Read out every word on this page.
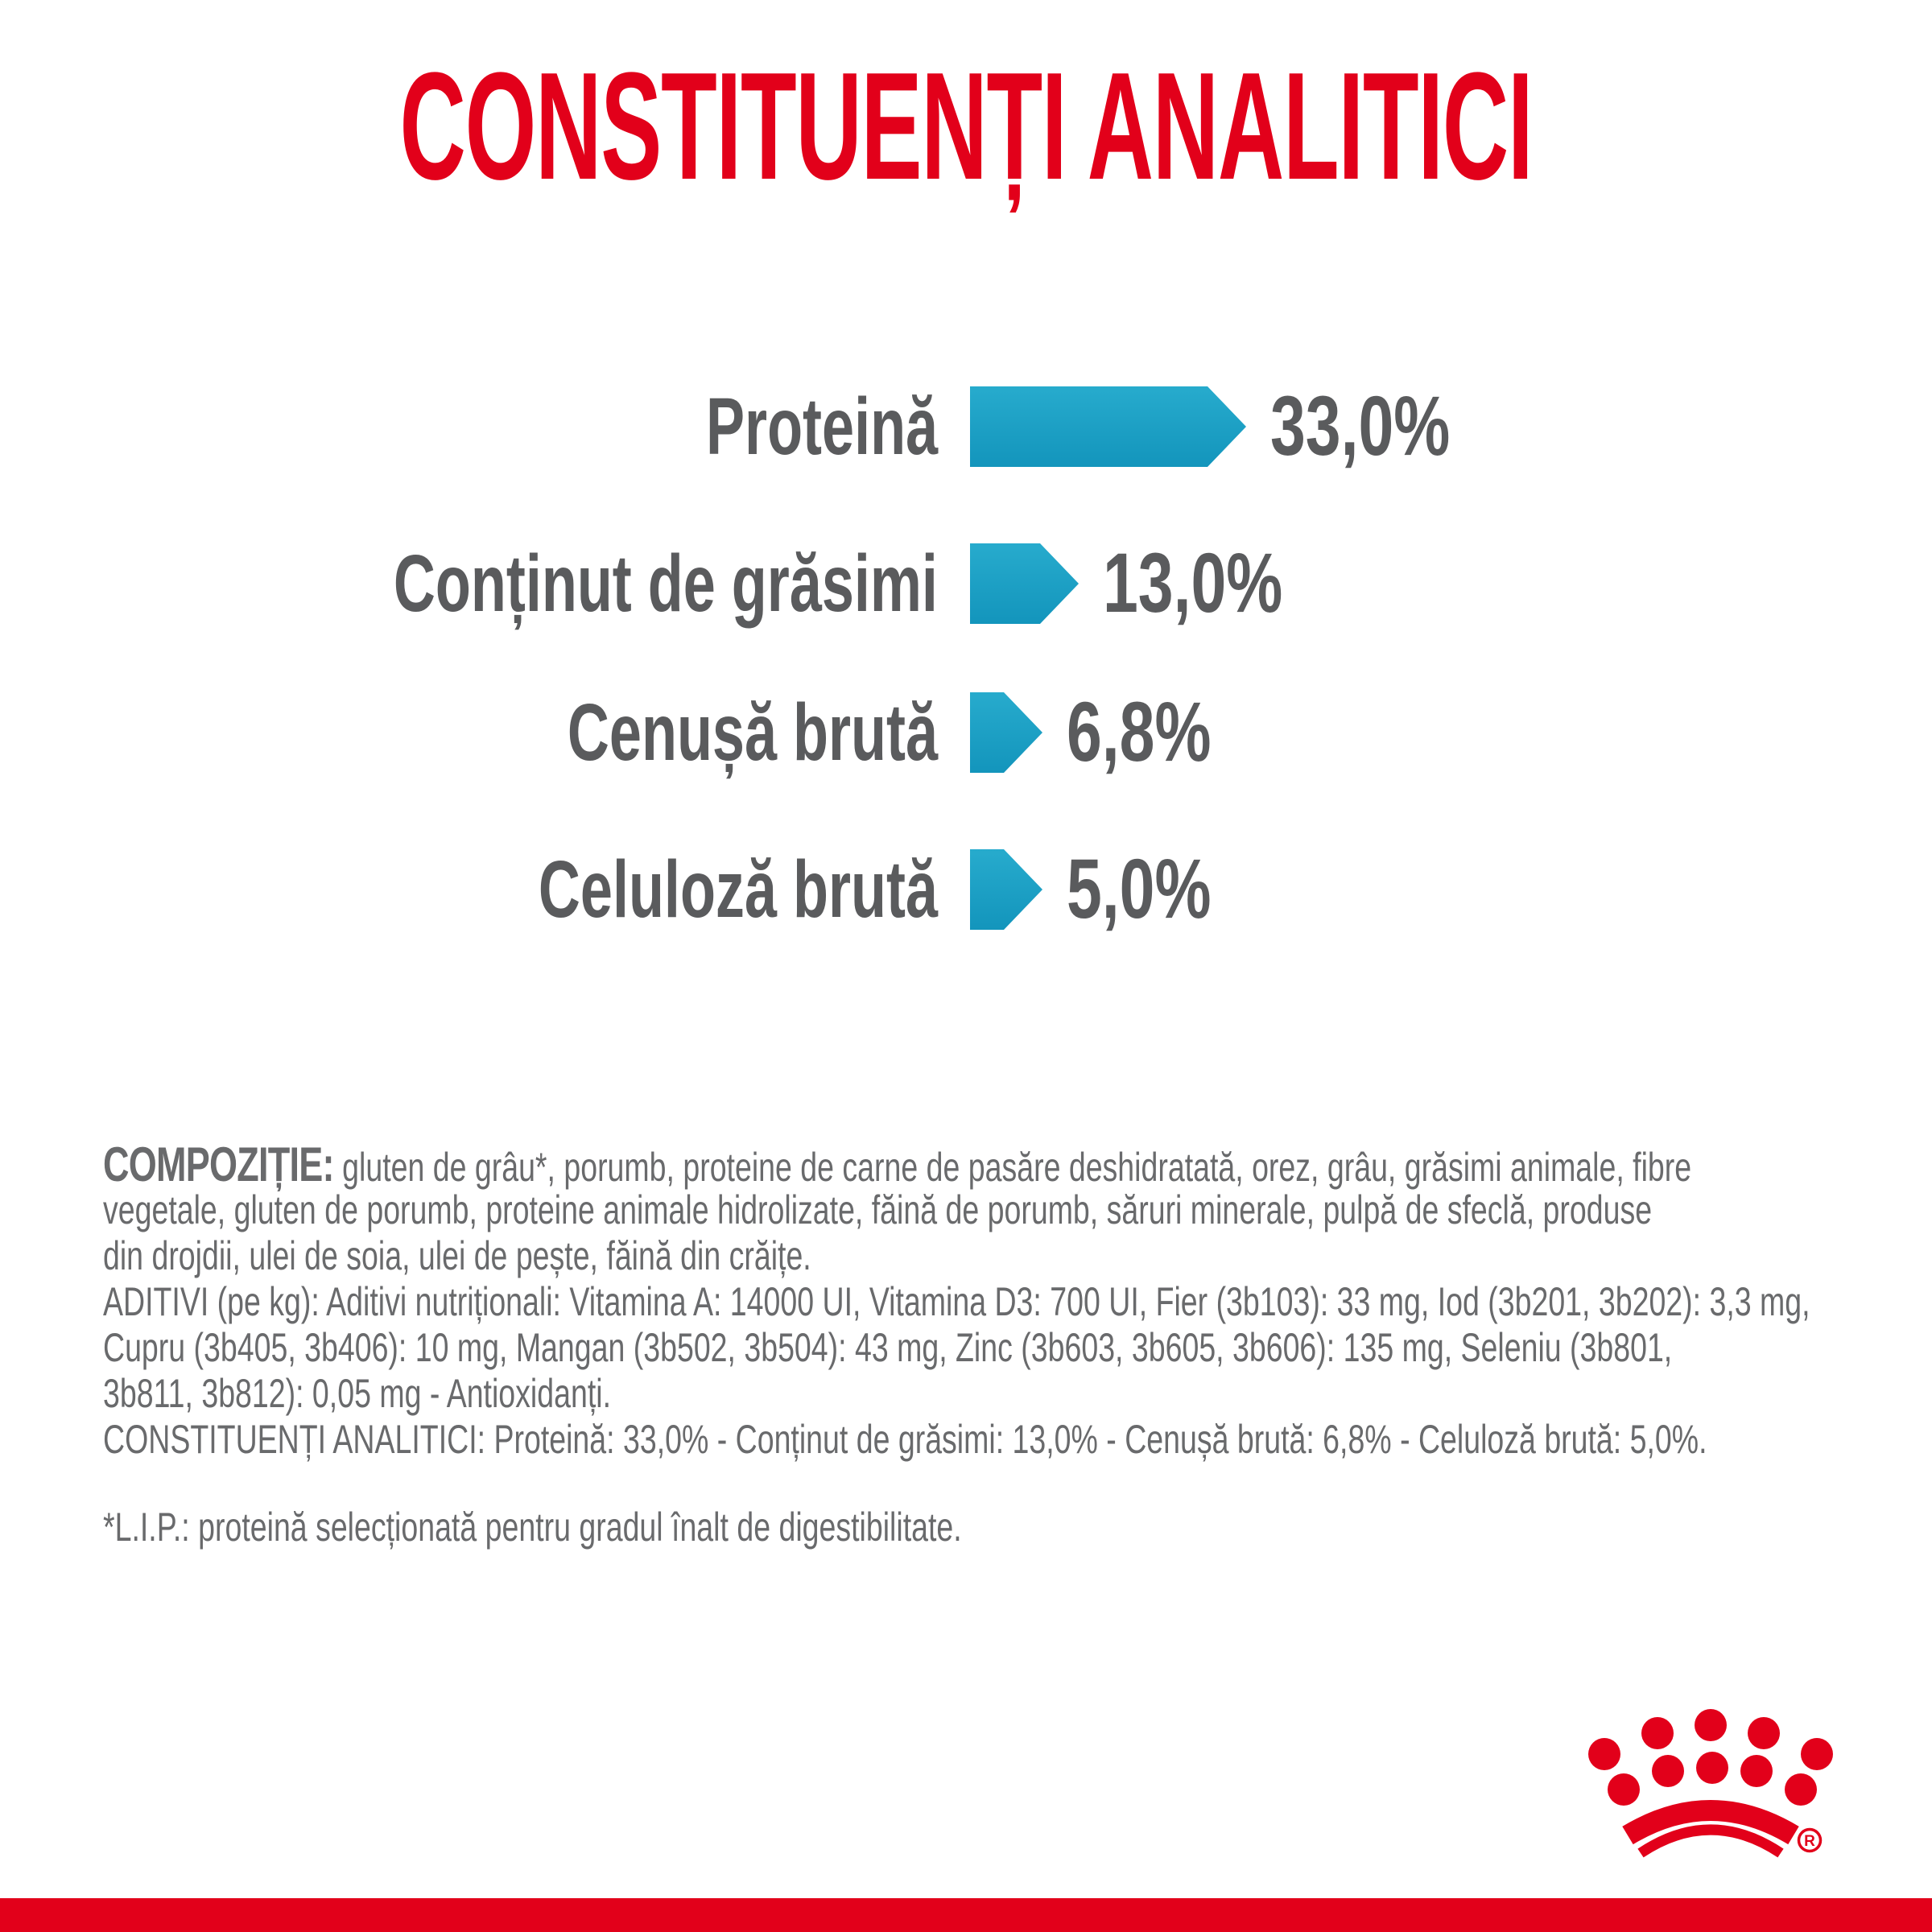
CONSTITUENȚI ANALITICI
Proteină	33,0%
Conținut de grăsimi 13,0%
Cenușă brută 6,8%
Celuloză brută 5,0%
COMPOZIȚIE: gluten de grâu*, porumb, proteine de carne de pasăre deshidratată, orez, grâu, grăsimi animale, fibre
vegetale, gluten de porumb, proteine animale hidrolizate, făină de porumb, săruri minerale, pulpă de sfeclă, produse
din drojdii, ulei de soia, ulei de pește, făină din crăițe.
ADITIVI (pe kg): Aditivi nutriționali: Vitamina A: 14000 UI, Vitamina D3: 700 UI, Fier (3b103): 33 mg, Iod (3b201, 3b202): 3,3 mg,
Cupru (3b405, 3b406): 10 mg, Mangan (3b502, 3b504): 43 mg, Zinc (3b603, 3b605, 3b606): 135 mg, Seleniu (3b801,
3b811, 3b812): 0,05 mg - Antioxidanți.
CONSTITUENȚI ANALITICI: Proteină: 33,0% - Conținut de grăsimi: 13,0% - Cenușă brută: 6,8% - Celuloză brută: 5,0%.
*L.I.P.: proteină selecționată pentru gradul înalt de digestibilitate.
R
